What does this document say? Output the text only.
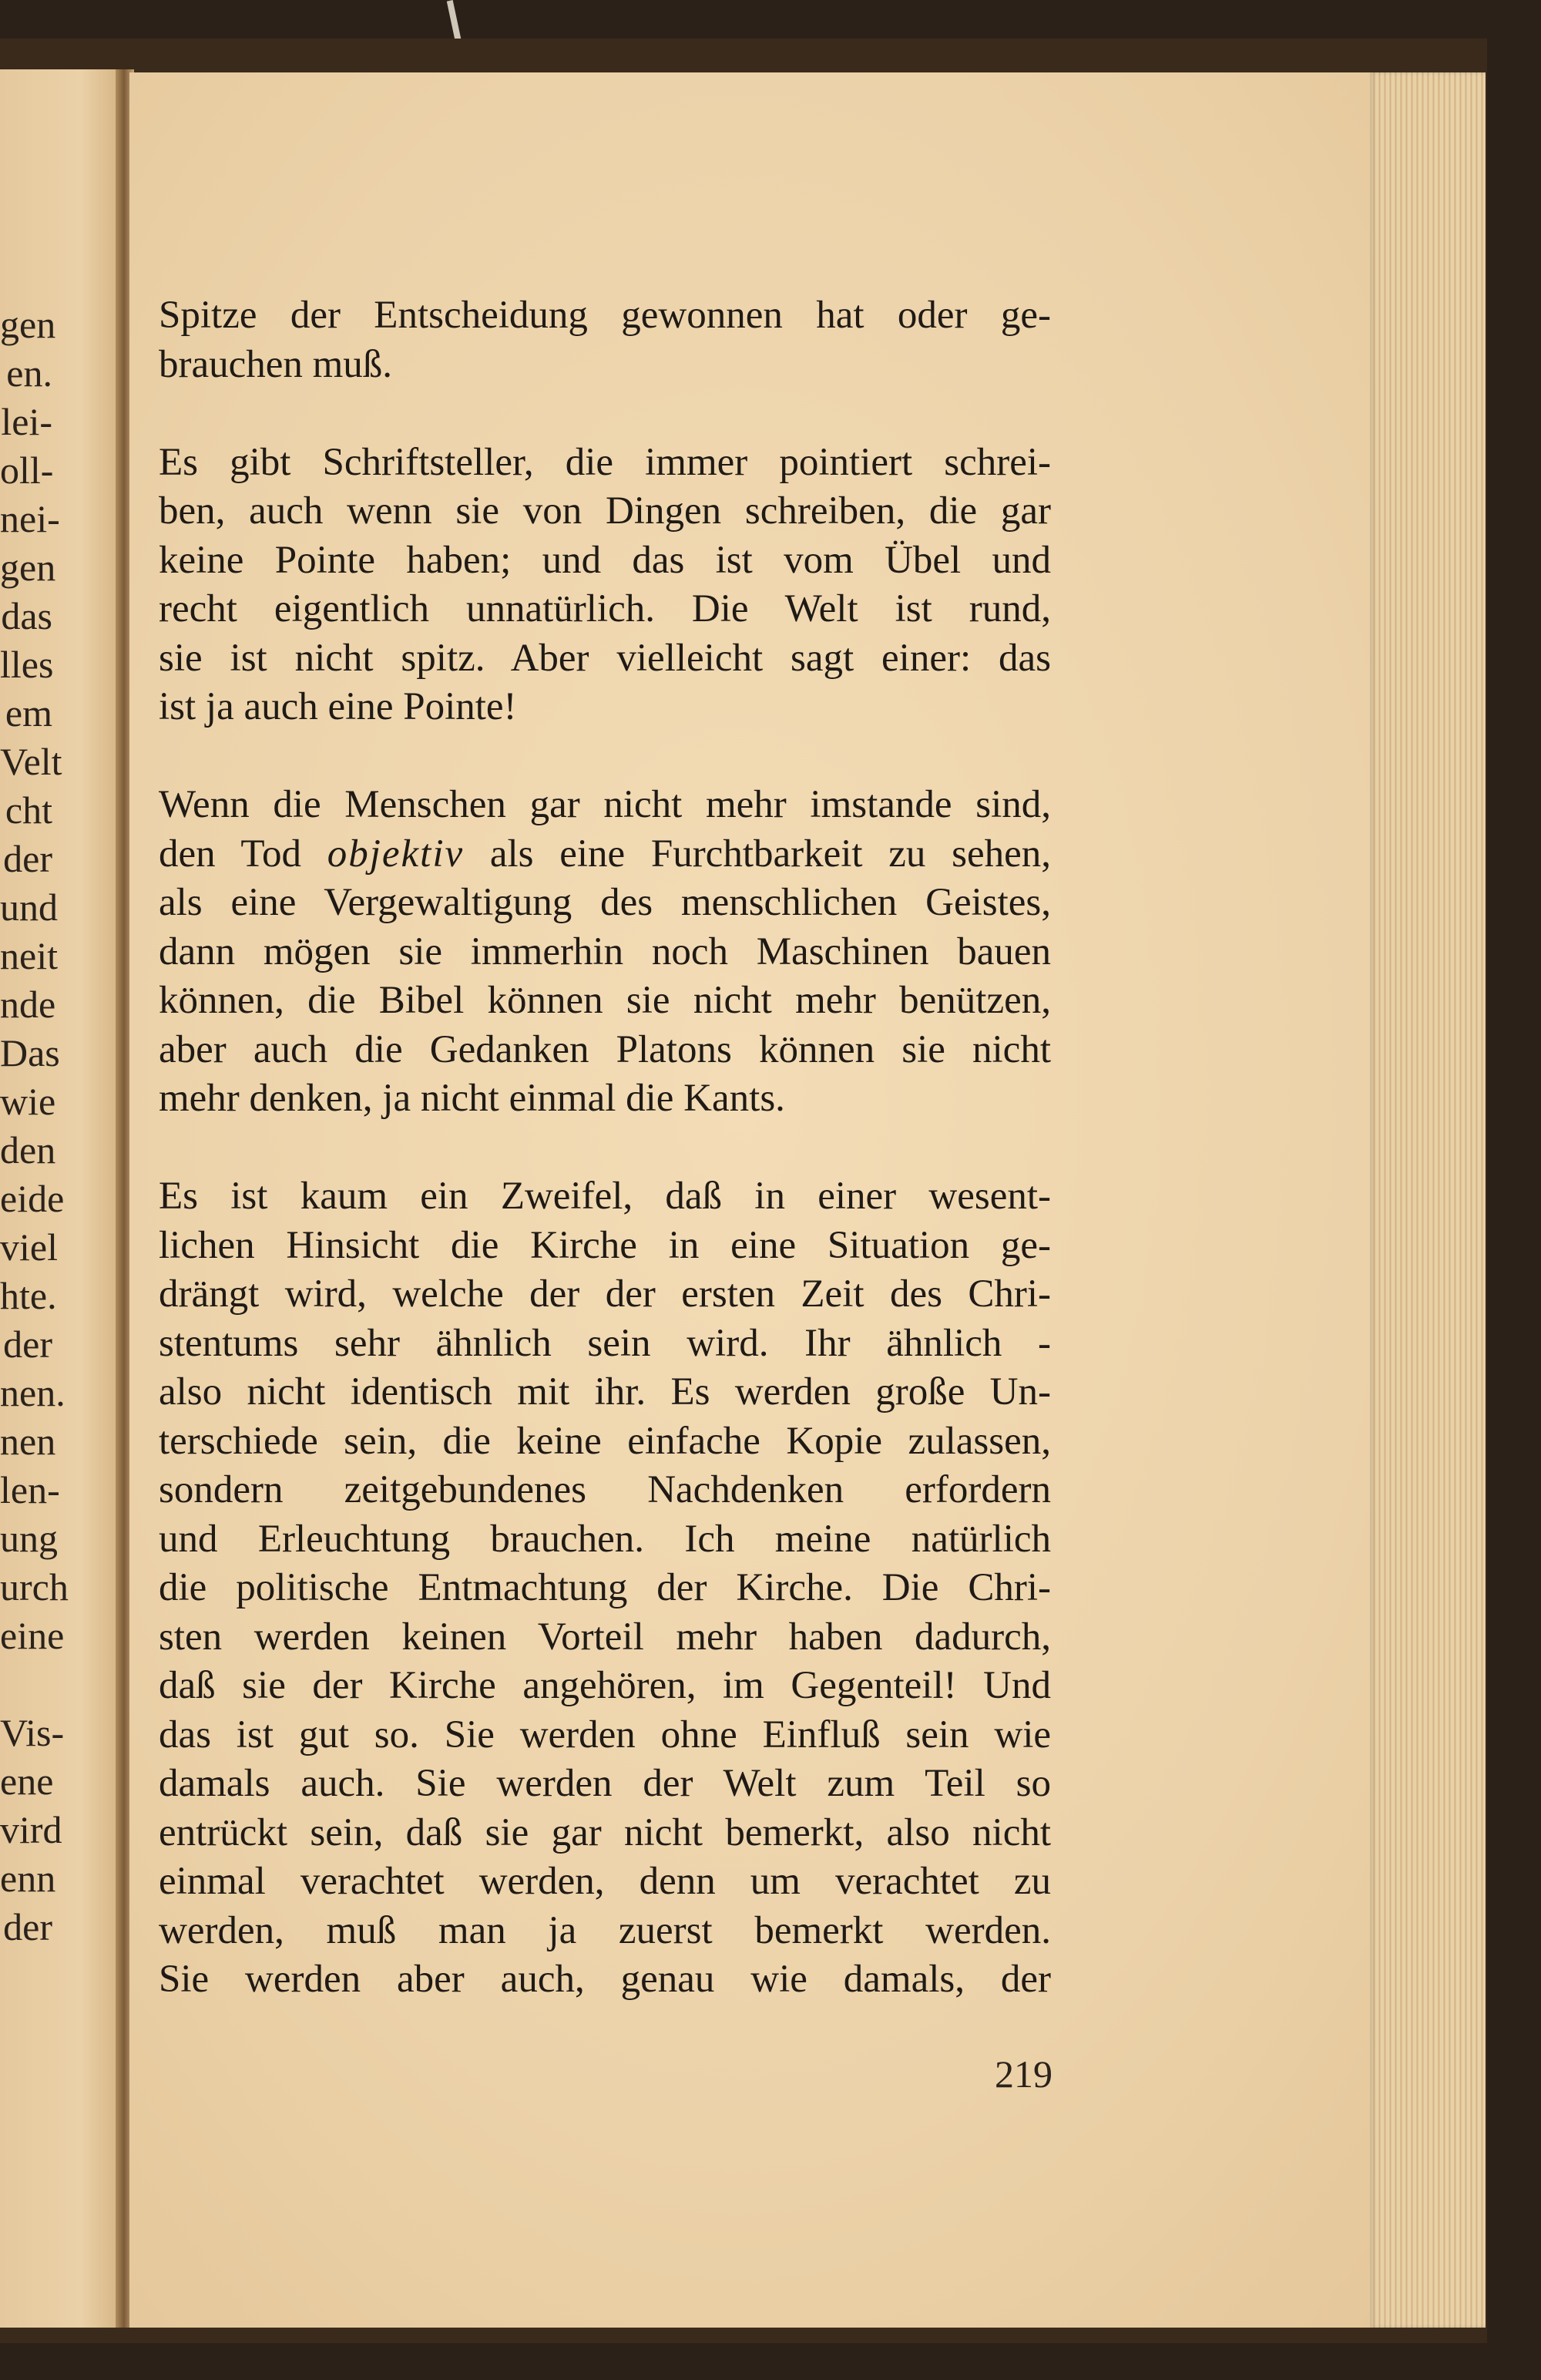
gen
en.
lei-
oll-
nei-
gen
das
lles
em
Velt
cht
der
und
neit
nde
Das
wie
den
eide
viel
hte.
der
nen.
nen
len-
ung
urch
eine

Vis-
ene
vird
enn
der

Spitze der Entscheidung gewonnen hat oder ge-
brauchen muß.

Es gibt Schriftsteller, die immer pointiert schrei-
ben, auch wenn sie von Dingen schreiben, die gar
keine Pointe haben; und das ist vom Übel und
recht eigentlich unnatürlich. Die Welt ist rund,
sie ist nicht spitz. Aber vielleicht sagt einer: das
ist ja auch eine Pointe!

Wenn die Menschen gar nicht mehr imstande sind,
den Tod objektiv als eine Furchtbarkeit zu sehen,
als eine Vergewaltigung des menschlichen Geistes,
dann mögen sie immerhin noch Maschinen bauen
können, die Bibel können sie nicht mehr benützen,
aber auch die Gedanken Platons können sie nicht
mehr denken, ja nicht einmal die Kants.

Es ist kaum ein Zweifel, daß in einer wesent-
lichen Hinsicht die Kirche in eine Situation ge-
drängt wird, welche der der ersten Zeit des Chri-
stentums sehr ähnlich sein wird. Ihr ähnlich -
also nicht identisch mit ihr. Es werden große Un-
terschiede sein, die keine einfache Kopie zulassen,
sondern zeitgebundenes Nachdenken erfordern
und Erleuchtung brauchen. Ich meine natürlich
die politische Entmachtung der Kirche. Die Chri-
sten werden keinen Vorteil mehr haben dadurch,
daß sie der Kirche angehören, im Gegenteil! Und
das ist gut so. Sie werden ohne Einfluß sein wie
damals auch. Sie werden der Welt zum Teil so
entrückt sein, daß sie gar nicht bemerkt, also nicht
einmal verachtet werden, denn um verachtet zu
werden, muß man ja zuerst bemerkt werden.
Sie werden aber auch, genau wie damals, der

219
